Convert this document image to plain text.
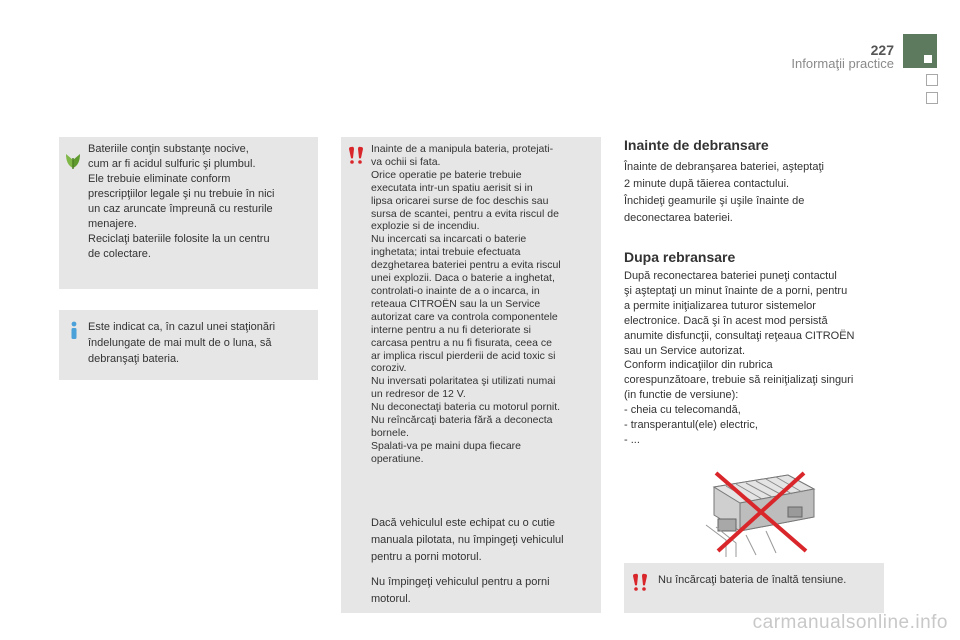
227
Informaţii practice
Bateriile conţin substanţe nocive,
cum ar fi acidul sulfuric şi plumbul.
Ele trebuie eliminate conform
prescripţiilor legale şi nu trebuie în nici
un caz aruncate împreună cu resturile
menajere.
Reciclaţi bateriile folosite la un centru
de colectare.
Este indicat ca, în cazul unei staţionări
îndelungate de mai mult de o luna, să
debranşaţi bateria.
Inainte de a manipula bateria, protejati-
va ochii si fata.
Orice operatie pe baterie trebuie
executata intr-un spatiu aerisit si in
lipsa oricarei surse de foc deschis sau
sursa de scantei, pentru a evita riscul de
explozie si de incendiu.
Nu incercati sa incarcati o baterie
inghetata; intai trebuie efectuata
dezghetarea bateriei pentru a evita riscul
unei explozii. Daca o baterie a inghetat,
controlati-o inainte de a o incarca, in
reteaua CITROËN sau la un Service
autorizat care va controla componentele
interne pentru a nu fi deteriorate si
carcasa pentru a nu fi fisurata, ceea ce
ar implica riscul pierderii de acid toxic si
coroziv.
Nu inversati polaritatea şi utilizati numai
un redresor de 12 V.
Nu deconectaţi bateria cu motorul pornit.
Nu reîncărcaţi bateria fără a deconecta
bornele.
Spalati-va pe maini dupa fiecare
operatiune.
Dacă vehiculul este echipat cu o cutie
manuala pilotata, nu împingeţi vehiculul
pentru a porni motorul.
Nu împingeţi vehiculul pentru a porni
motorul.
Inainte de debransare
Înainte de debranşarea bateriei, aşteptaţi
2 minute după tăierea contactului.
Închideţi geamurile şi uşile înainte de
deconectarea bateriei.
Dupa rebransare
După reconectarea bateriei puneţi contactul
şi aşteptaţi un minut înainte de a porni, pentru
a permite iniţializarea tuturor sistemelor
electronice. Dacă şi în acest mod persistă
anumite disfuncţii, consultaţi reţeaua CITROËN
sau un Service autorizat.
Conform indicaţiilor din rubrica
corespunzătoare, trebuie să reiniţializaţi singuri
(in functie de versiune):
- cheia cu telecomandă,
- transperantul(ele) electric,
- ...
Nu încărcaţi bateria de înaltă tensiune.
carmanualsonline.info
